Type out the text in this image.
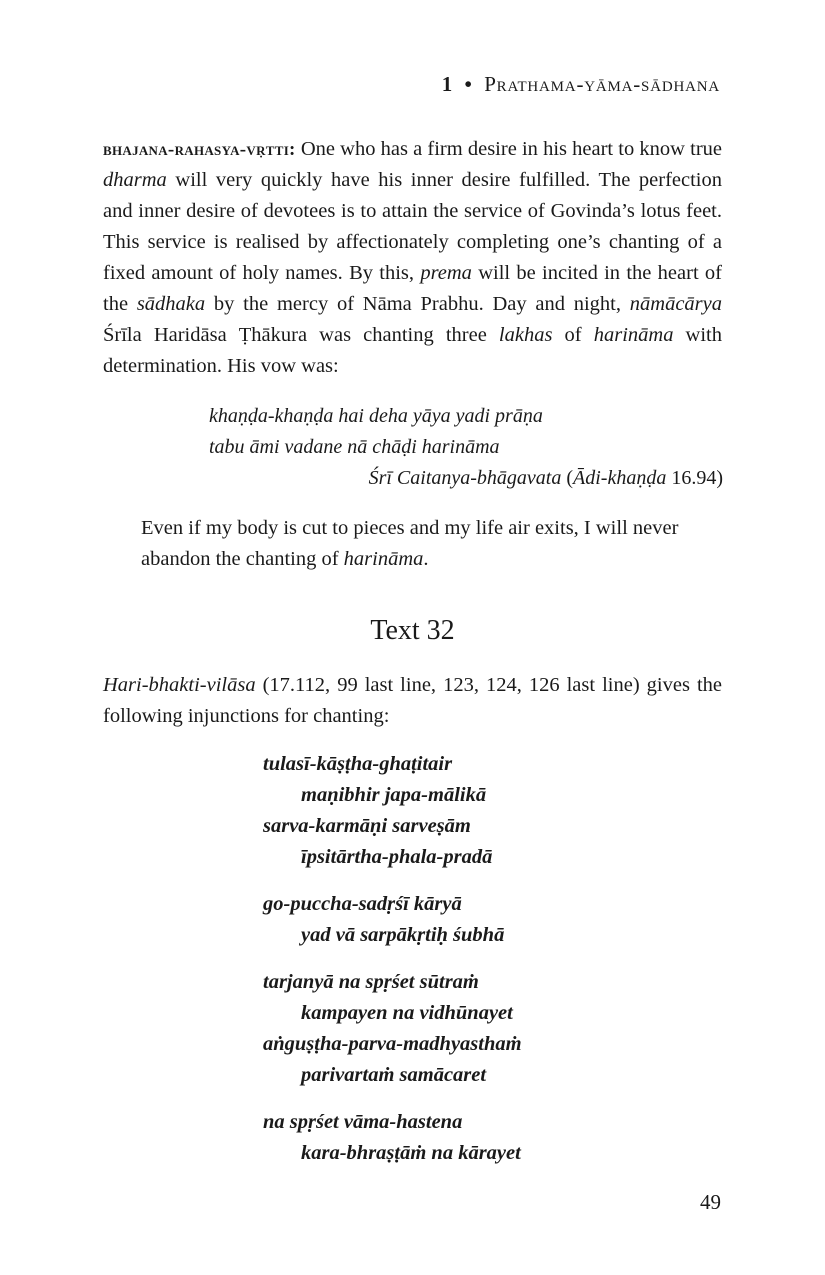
1 • Prathama-yāma-sādhana

bhajana-rahasya-vṛtti: One who has a firm desire in his heart to know true dharma will very quickly have his inner desire fulfilled. The perfection and inner desire of devotees is to attain the service of Govinda’s lotus feet. This service is realised by affectionately completing one’s chanting of a fixed amount of holy names. By this, prema will be incited in the heart of the sādhaka by the mercy of Nāma Prabhu. Day and night, nāmācārya Śrīla Haridāsa Ṭhākura was chanting three lakhas of harināma with determination. His vow was:

khaṇḍa-khaṇḍa hai deha yāya yadi prāṇa
tabu āmi vadane nā chāḍi harināma
Śrī Caitanya-bhāgavata (Ādi-khaṇḍa 16.94)
Even if my body is cut to pieces and my life air exits, I will never abandon the chanting of harināma.
Text 32

Hari-bhakti-vilāsa (17.112, 99 last line, 123, 124, 126 last line) gives the following injunctions for chanting:

tulasī-kāṣṭha-ghaṭitair
maṇibhir japa-mālikā
sarva-karmāṇi sarveṣām
īpsitārtha-phala-pradā
go-puccha-sadṛśī kāryā
yad vā sarpākṛtiḥ śubhā
tarjanyā na spṛśet sūtraṁ
kampayen na vidhūnayet
aṅguṣṭha-parva-madhyasthaṁ
parivartaṁ samācaret
na spṛśet vāma-hastena
kara-bhraṣṭāṁ na kārayet
49
